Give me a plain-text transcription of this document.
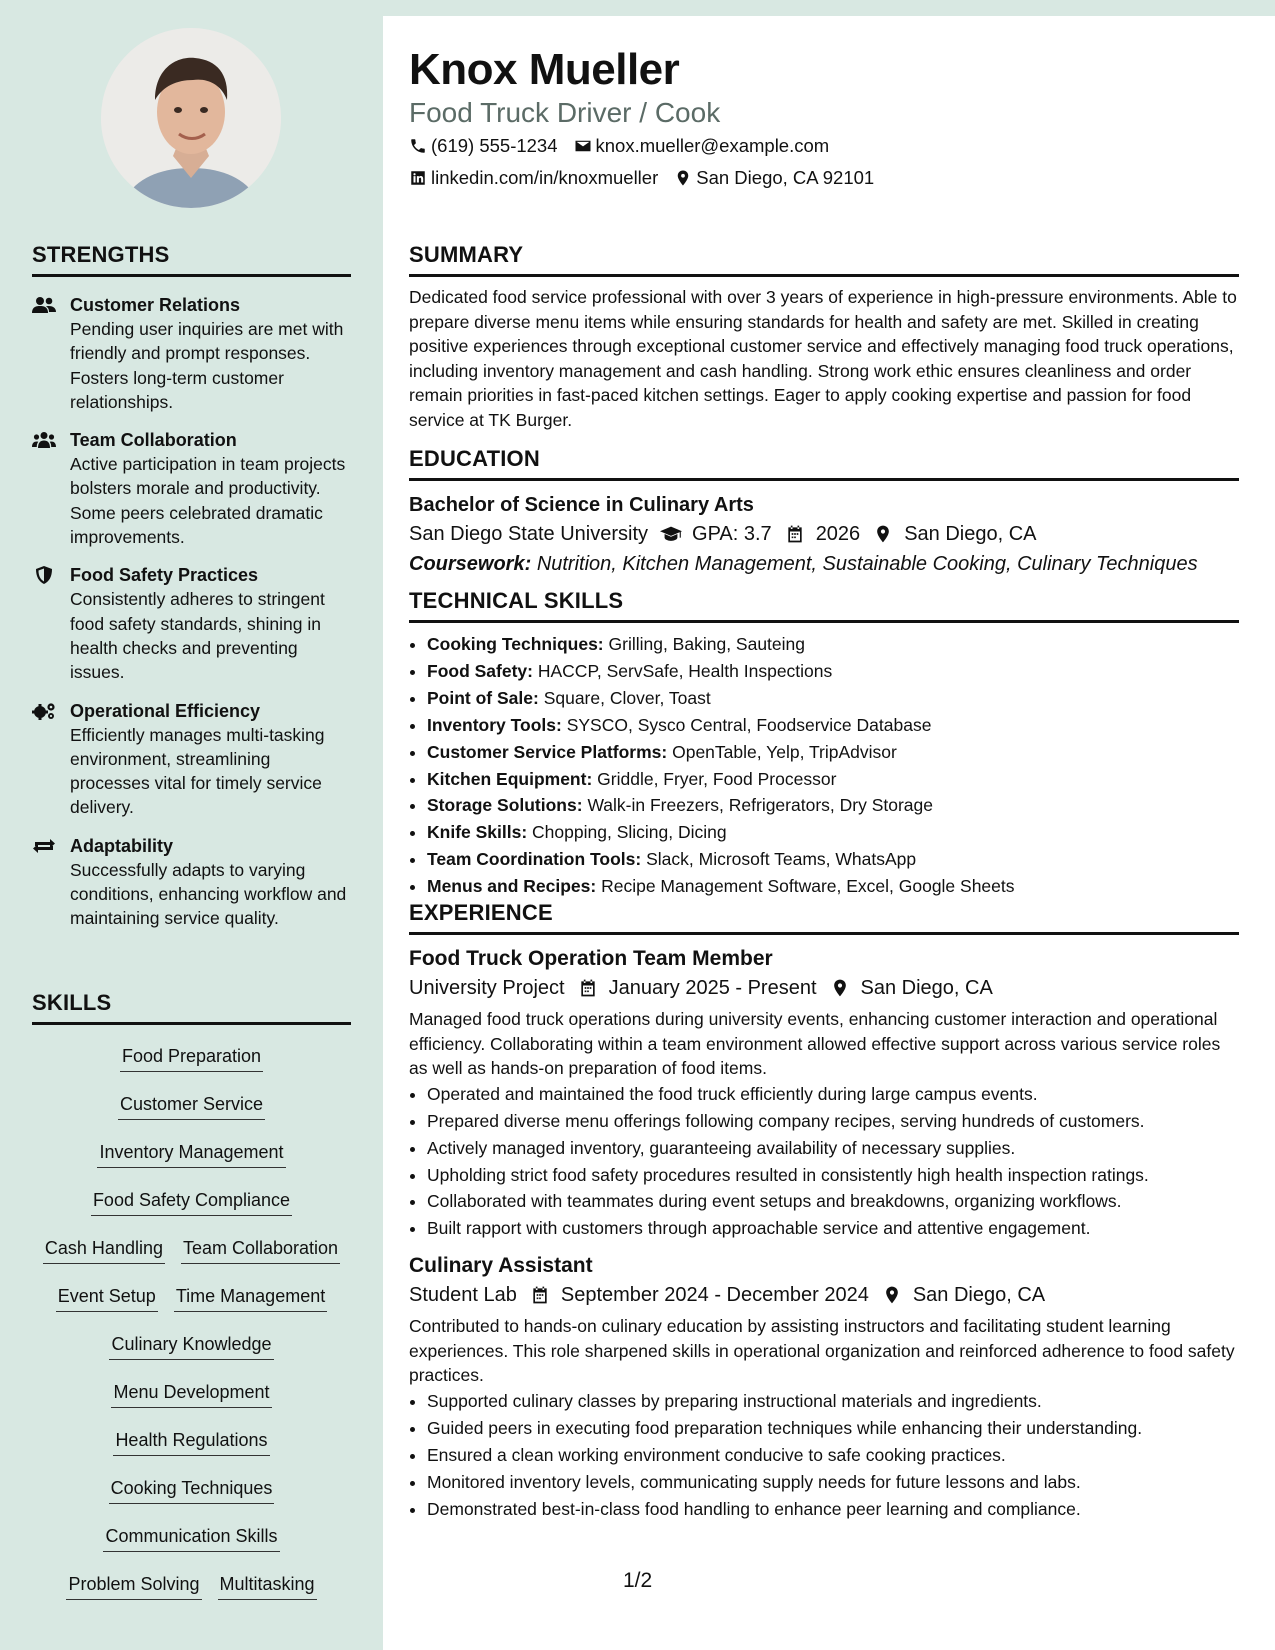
STRENGTHS
Customer Relations
Pending user inquiries are met with friendly and prompt responses. Fosters long-term customer relationships.
Team Collaboration
Active participation in team projects bolsters morale and productivity. Some peers celebrated dramatic improvements.
Food Safety Practices
Consistently adheres to stringent food safety standards, shining in health checks and preventing issues.
Operational Efficiency
Efficiently manages multi-tasking environment, streamlining processes vital for timely service delivery.
Adaptability
Successfully adapts to varying conditions, enhancing workflow and maintaining service quality.
SKILLS
Food Preparation
Customer Service
Inventory Management
Food Safety Compliance
Cash Handling Team Collaboration
Event Setup Time Management
Culinary Knowledge
Menu Development
Health Regulations
Cooking Techniques
Communication Skills
Problem Solving Multitasking
Knox Mueller
Food Truck Driver / Cook
(619) 555-1234 knox.mueller@example.com
linkedin.com/in/knoxmueller San Diego, CA 92101
SUMMARY
Dedicated food service professional with over 3 years of experience in high-pressure environments. Able to prepare diverse menu items while ensuring standards for health and safety are met. Skilled in creating positive experiences through exceptional customer service and effectively managing food truck operations, including inventory management and cash handling. Strong work ethic ensures cleanliness and order remain priorities in fast-paced kitchen settings. Eager to apply cooking expertise and passion for food service at TK Burger.
EDUCATION
Bachelor of Science in Culinary Arts
San Diego State University GPA: 3.7 2026 San Diego, CA
Coursework: Nutrition, Kitchen Management, Sustainable Cooking, Culinary Techniques
TECHNICAL SKILLS
• Cooking Techniques: Grilling, Baking, Sauteing
• Food Safety: HACCP, ServSafe, Health Inspections
• Point of Sale: Square, Clover, Toast
• Inventory Tools: SYSCO, Sysco Central, Foodservice Database
• Customer Service Platforms: OpenTable, Yelp, TripAdvisor
• Kitchen Equipment: Griddle, Fryer, Food Processor
• Storage Solutions: Walk-in Freezers, Refrigerators, Dry Storage
• Knife Skills: Chopping, Slicing, Dicing
• Team Coordination Tools: Slack, Microsoft Teams, WhatsApp
• Menus and Recipes: Recipe Management Software, Excel, Google Sheets
EXPERIENCE
Food Truck Operation Team Member
University Project January 2025 - Present San Diego, CA
Managed food truck operations during university events, enhancing customer interaction and operational efficiency. Collaborating within a team environment allowed effective support across various service roles as well as hands-on preparation of food items.
• Operated and maintained the food truck efficiently during large campus events.
• Prepared diverse menu offerings following company recipes, serving hundreds of customers.
• Actively managed inventory, guaranteeing availability of necessary supplies.
• Upholding strict food safety procedures resulted in consistently high health inspection ratings.
• Collaborated with teammates during event setups and breakdowns, organizing workflows.
• Built rapport with customers through approachable service and attentive engagement.
Culinary Assistant
Student Lab September 2024 - December 2024 San Diego, CA
Contributed to hands-on culinary education by assisting instructors and facilitating student learning experiences. This role sharpened skills in operational organization and reinforced adherence to food safety practices.
• Supported culinary classes by preparing instructional materials and ingredients.
• Guided peers in executing food preparation techniques while enhancing their understanding.
• Ensured a clean working environment conducive to safe cooking practices.
• Monitored inventory levels, communicating supply needs for future lessons and labs.
• Demonstrated best-in-class food handling to enhance peer learning and compliance.
1/2
